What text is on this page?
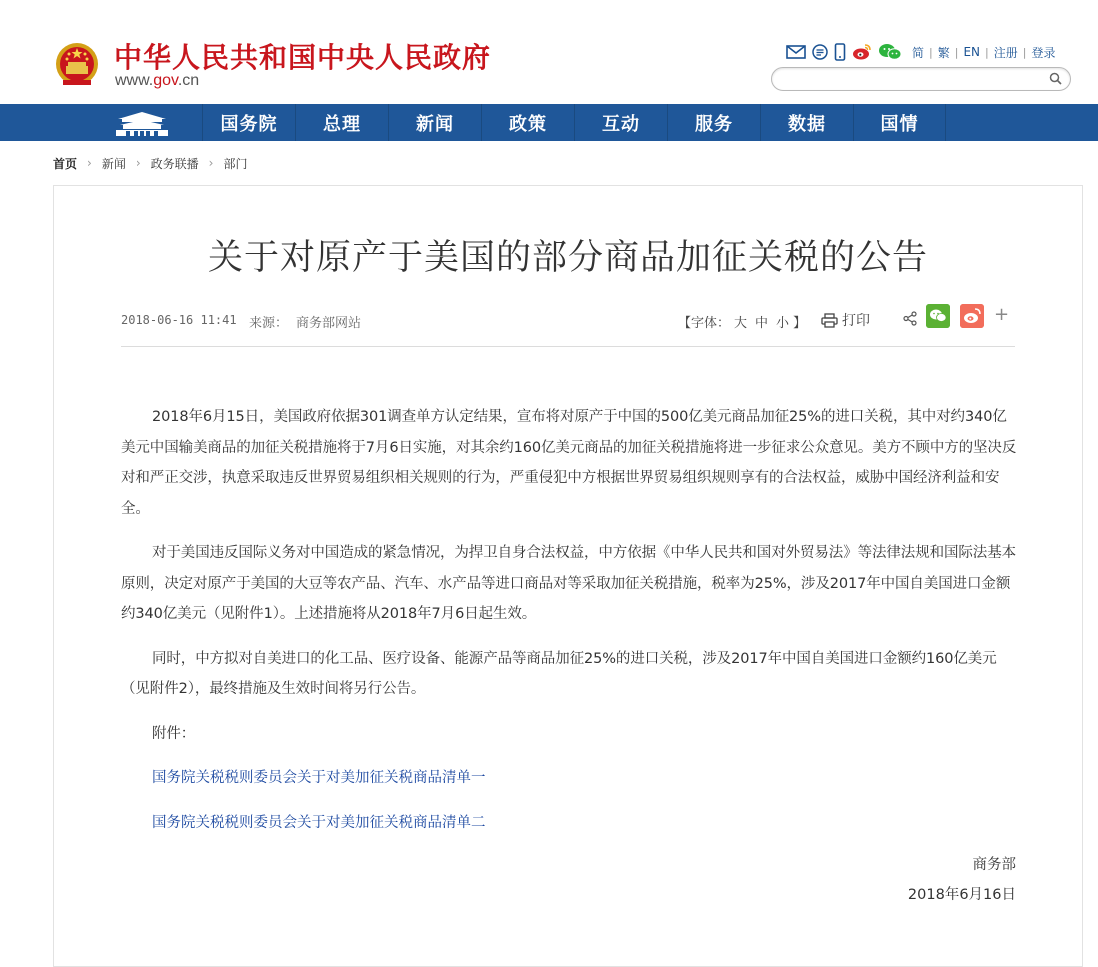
中华人民共和国中央人民政府
www.gov.cn
简 | 繁 | EN | 注册 | 登录
国务院	总理	新闻	政策	互动	服务	数据	国情
首页 › 新闻 › 政务联播 › 部门
关于对原产于美国的部分商品加征关税的公告
2018-06-16 11:41 来源： 商务部网站	【字体： 大 中 小 】	打印	+

2018年6月15日，美国政府依据301调查单方认定结果，宣布将对原产于中国的500亿美元商品加征25%的进口关税，其中对约340亿美元中国输美商品的加征关税措施将于7月6日实施，对其余约160亿美元商品的加征关税措施将进一步征求公众意见。美方不顾中方的坚决反对和严正交涉，执意采取违反世界贸易组织相关规则的行为，严重侵犯中方根据世界贸易组织规则享有的合法权益，威胁中国经济利益和安全。

对于美国违反国际义务对中国造成的紧急情况，为捍卫自身合法权益，中方依据《中华人民共和国对外贸易法》等法律法规和国际法基本原则，决定对原产于美国的大豆等农产品、汽车、水产品等进口商品对等采取加征关税措施，税率为25%，涉及2017年中国自美国进口金额约340亿美元（见附件1）。上述措施将从2018年7月6日起生效。

同时，中方拟对自美进口的化工品、医疗设备、能源产品等商品加征25%的进口关税，涉及2017年中国自美国进口金额约160亿美元（见附件2），最终措施及生效时间将另行公告。

附件：

国务院关税税则委员会关于对美加征关税商品清单一
国务院关税税则委员会关于对美加征关税商品清单二
商务部
2018年6月16日
